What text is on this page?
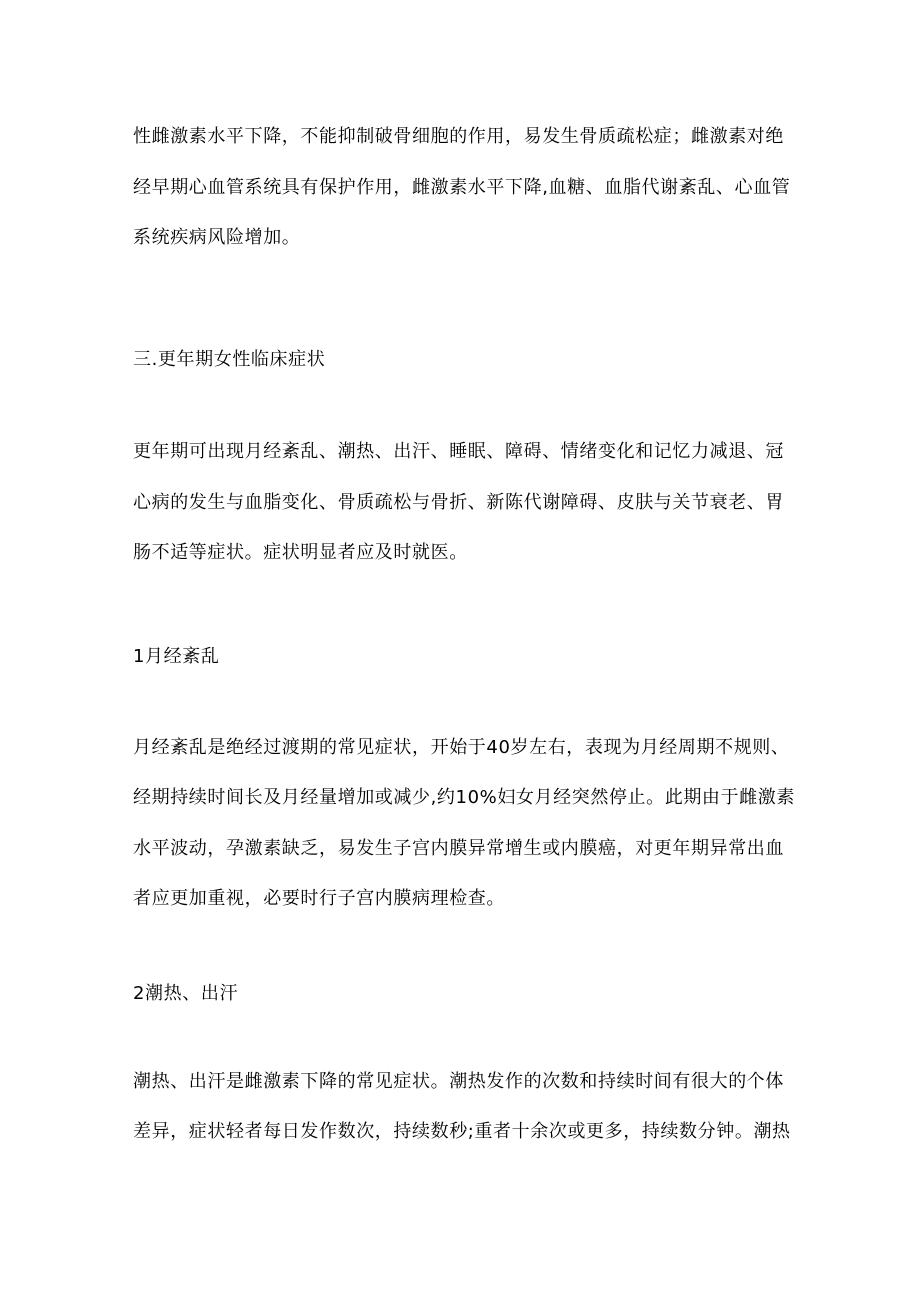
性雌激素水平下降，不能抑制破骨细胞的作用，易发生骨质疏松症；雌激素对绝
经早期心血管系统具有保护作用，雌激素水平下降,血糖、血脂代谢紊乱、心血管
系统疾病风险增加。
三.更年期女性临床症状
更年期可出现月经紊乱、潮热、出汗、睡眠、障碍、情绪变化和记忆力减退、冠
心病的发生与血脂变化、骨质疏松与骨折、新陈代谢障碍、皮肤与关节衰老、胃
肠不适等症状。症状明显者应及时就医。
1月经紊乱
月经紊乱是绝经过渡期的常见症状，开始于40岁左右，表现为月经周期不规则、
经期持续时间长及月经量增加或减少,约10%妇女月经突然停止。此期由于雌激素
水平波动，孕激素缺乏，易发生子宫内膜异常增生或内膜癌，对更年期异常出血
者应更加重视，必要时行子宫内膜病理检查。
2潮热、出汗
潮热、出汗是雌激素下降的常见症状。潮热发作的次数和持续时间有很大的个体
差异，症状轻者每日发作数次，持续数秒;重者十余次或更多，持续数分钟。潮热
